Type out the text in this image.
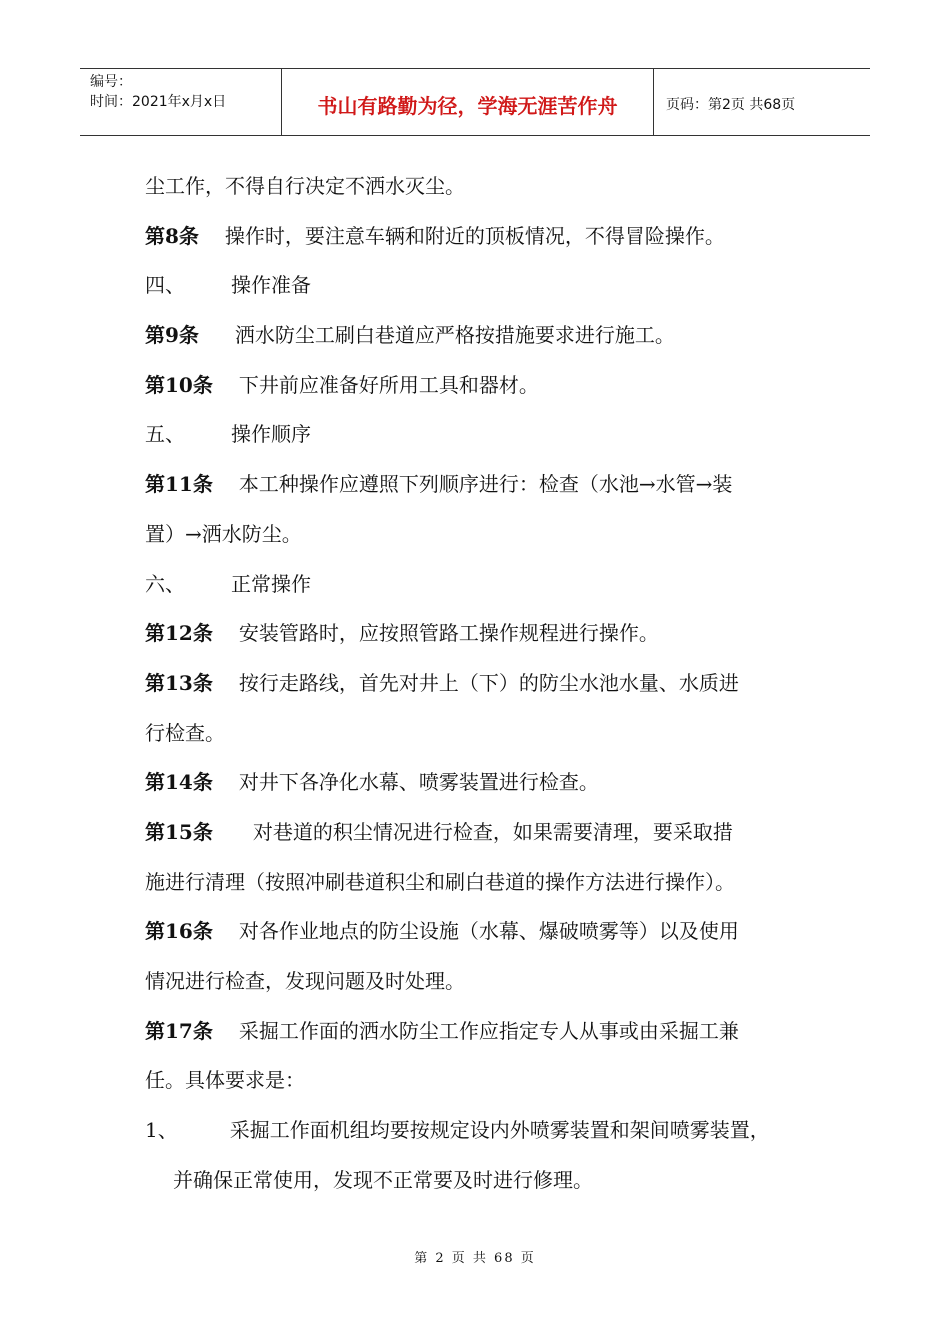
编号：
时间：2021年x月x日	书山有路勤为径，学海无涯苦作舟	页码：第2页 共68页
尘工作，不得自行决定不洒水灭尘。
第8条 操作时，要注意车辆和附近的顶板情况，不得冒险操作。
四、 操作准备
第9条 洒水防尘工刷白巷道应严格按措施要求进行施工。
第10条 下井前应准备好所用工具和器材。
五、 操作顺序
第11条 本工种操作应遵照下列顺序进行：检查（水池→水管→装
置）→洒水防尘。
六、 正常操作
第12条 安装管路时，应按照管路工操作规程进行操作。
第13条 按行走路线，首先对井上（下）的防尘水池水量、水质进
行检查。
第14条 对井下各净化水幕、喷雾装置进行检查。
第15条 对巷道的积尘情况进行检查，如果需要清理，要采取措
施进行清理（按照冲刷巷道积尘和刷白巷道的操作方法进行操作）。
第16条 对各作业地点的防尘设施（水幕、爆破喷雾等）以及使用
情况进行检查，发现问题及时处理。
第17条 采掘工作面的洒水防尘工作应指定专人从事或由采掘工兼
任。具体要求是：
1、	采掘工作面机组均要按规定设内外喷雾装置和架间喷雾装置，
并确保正常使用，发现不正常要及时进行修理。
第 2 页 共 68 页
